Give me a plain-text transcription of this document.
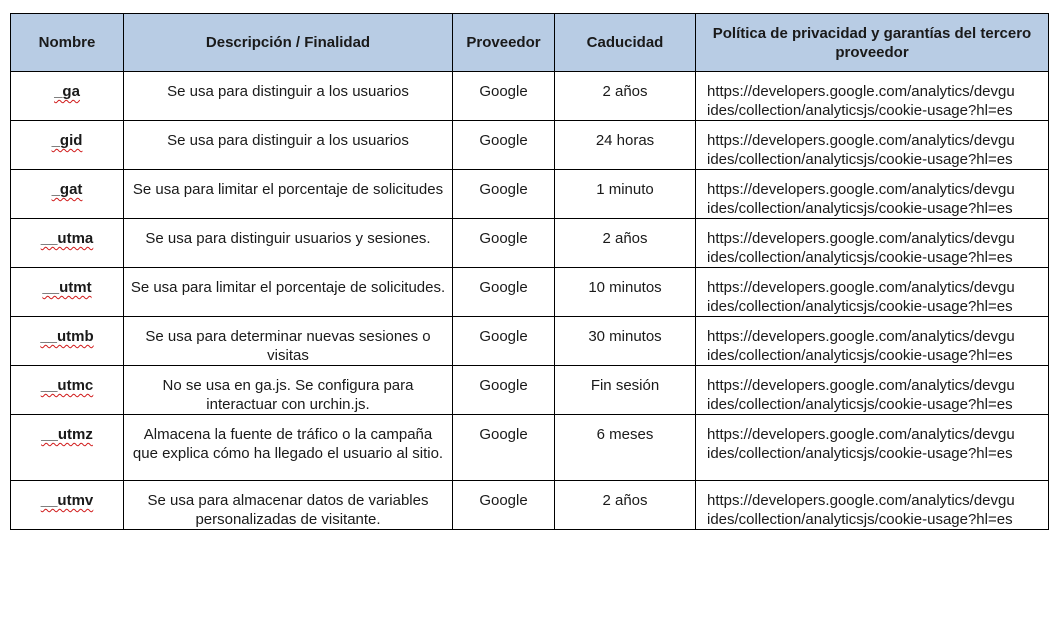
Nombre	Descripción / Finalidad	Proveedor	Caducidad	Política de privacidad y garantías del tercero proveedor
_ga	Se usa para distinguir a los usuarios	Google	2 años	https://developers.google.com/analytics/devgu
ides/collection/analyticsjs/cookie-usage?hl=es

_gid	Se usa para distinguir a los usuarios	Google	24 horas	https://developers.google.com/analytics/devgu
ides/collection/analyticsjs/cookie-usage?hl=es

_gat	Se usa para limitar el porcentaje de solicitudes	Google	1 minuto	https://developers.google.com/analytics/devgu
ides/collection/analyticsjs/cookie-usage?hl=es

__utma	Se usa para distinguir usuarios y sesiones.	Google	2 años	https://developers.google.com/analytics/devgu
ides/collection/analyticsjs/cookie-usage?hl=es

__utmt	Se usa para limitar el porcentaje de solicitudes.	Google	10 minutos	https://developers.google.com/analytics/devgu
ides/collection/analyticsjs/cookie-usage?hl=es

__utmb	Se usa para determinar nuevas sesiones o visitas	Google	30 minutos	https://developers.google.com/analytics/devgu
ides/collection/analyticsjs/cookie-usage?hl=es

__utmc	No se usa en ga.js. Se configura para interactuar con urchin.js.	Google	Fin sesión	https://developers.google.com/analytics/devgu
ides/collection/analyticsjs/cookie-usage?hl=es

__utmz	Almacena la fuente de tráfico o la campaña que explica cómo ha llegado el usuario al sitio.	Google	6 meses	https://developers.google.com/analytics/devgu
ides/collection/analyticsjs/cookie-usage?hl=es

__utmv	Se usa para almacenar datos de variables personalizadas de visitante.	Google	2 años	https://developers.google.com/analytics/devgu
ides/collection/analyticsjs/cookie-usage?hl=es
